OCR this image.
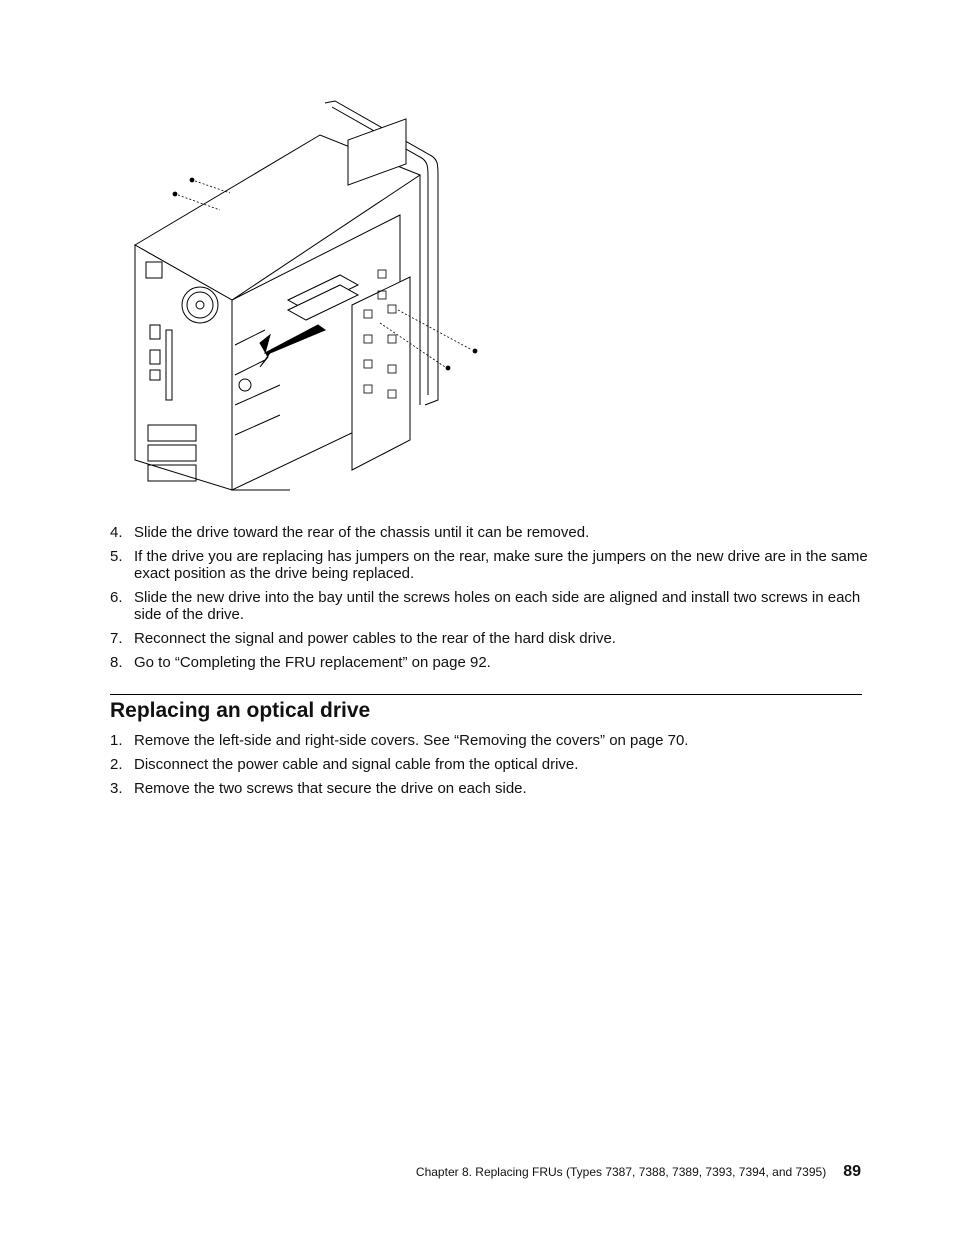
4. Slide the drive toward the rear of the chassis until it can be removed.
5. If the drive you are replacing has jumpers on the rear, make sure the jumpers on the new drive are in the same exact position as the drive being replaced.
6. Slide the new drive into the bay until the screws holes on each side are aligned and install two screws in each side of the drive.
7. Reconnect the signal and power cables to the rear of the hard disk drive.
8. Go to “Completing the FRU replacement” on page 92.
Replacing an optical drive
1. Remove the left-side and right-side covers. See “Removing the covers” on page 70.
2. Disconnect the power cable and signal cable from the optical drive.
3. Remove the two screws that secure the drive on each side.
Chapter 8. Replacing FRUs (Types 7387, 7388, 7389, 7393, 7394, and 7395) 89
